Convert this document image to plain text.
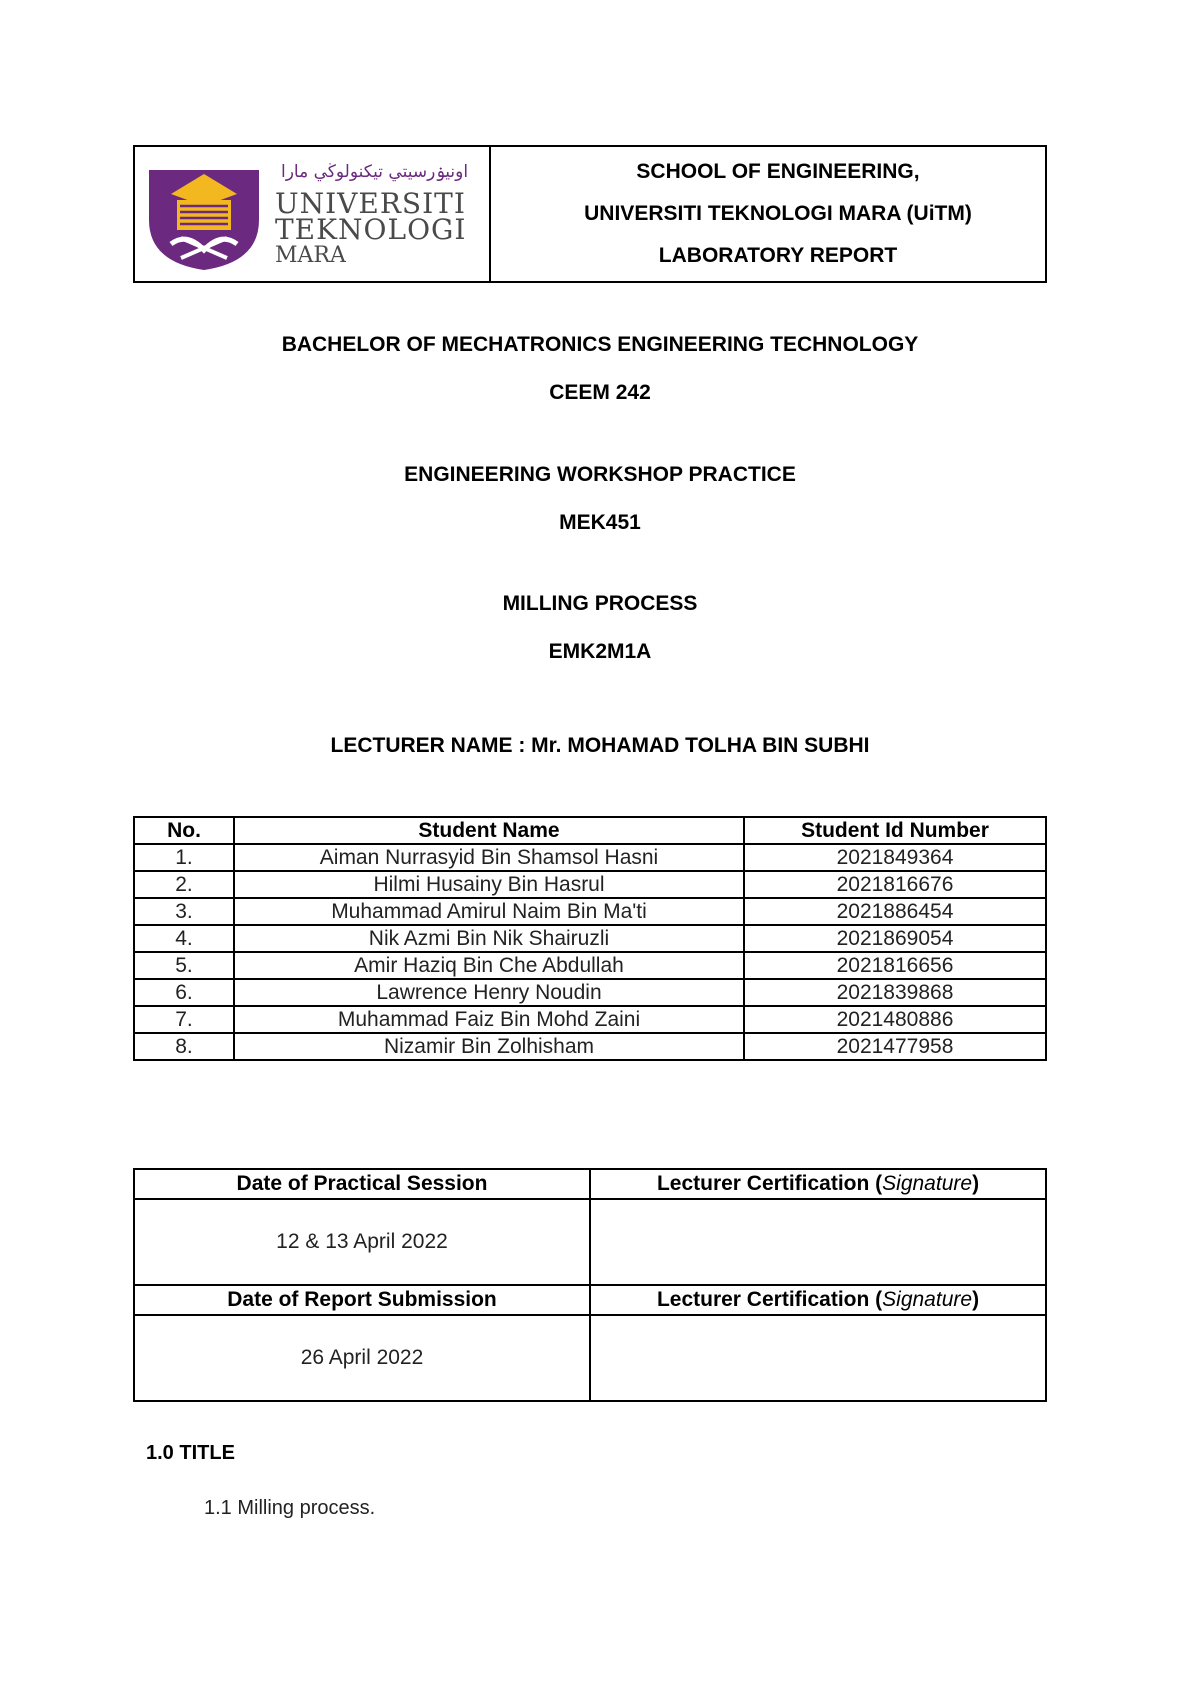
اونيۏرسيتي تيكنولوڬي مارا
UNIVERSITI
TEKNOLOGI
MARA
SCHOOL OF ENGINEERING,
UNIVERSITI TEKNOLOGI MARA (UiTM)
LABORATORY REPORT
BACHELOR OF MECHATRONICS ENGINEERING TECHNOLOGY
CEEM 242
ENGINEERING WORKSHOP PRACTICE
MEK451
MILLING PROCESS
EMK2M1A
LECTURER NAME : Mr. MOHAMAD TOLHA BIN SUBHI
No.	Student Name	Student Id Number
1.	Aiman Nurrasyid Bin Shamsol Hasni	2021849364
2.	Hilmi Husainy Bin Hasrul	2021816676
3.	Muhammad Amirul Naim Bin Ma'ti	2021886454
4.	Nik Azmi Bin Nik Shairuzli	2021869054
5.	Amir Haziq Bin Che Abdullah	2021816656
6.	Lawrence Henry Noudin	2021839868
7.	Muhammad Faiz Bin Mohd Zaini	2021480886
8.	Nizamir Bin Zolhisham	2021477958
Date of Practical Session	Lecturer Certification (Signature)
12 & 13 April 2022	
Date of Report Submission	Lecturer Certification (Signature)
26 April 2022	
1.0 TITLE
1.1 Milling process.
